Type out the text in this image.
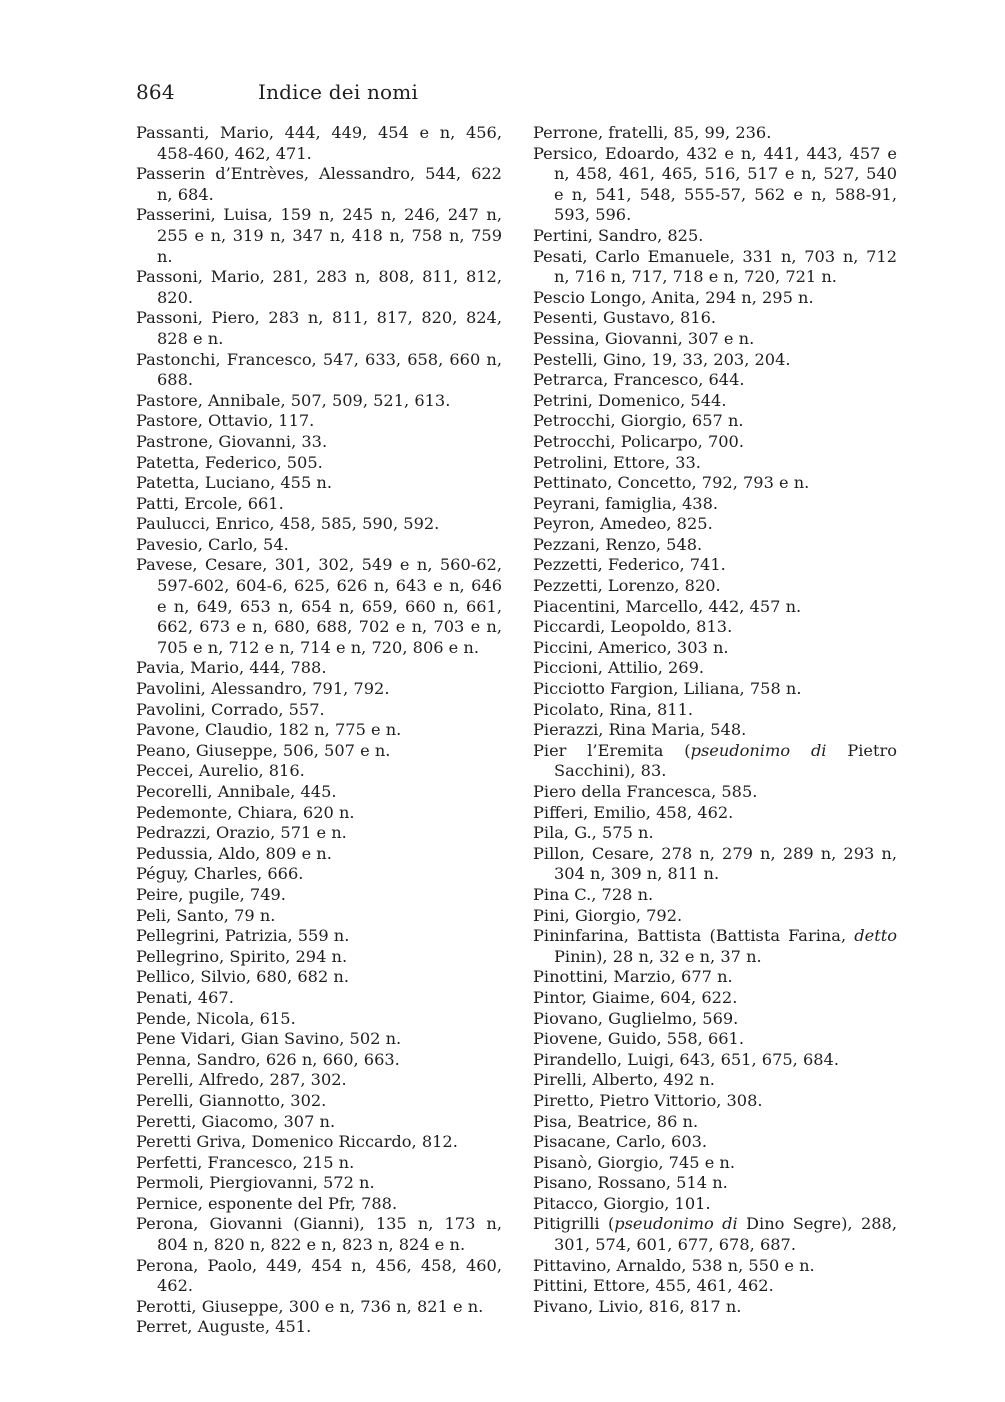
864	Indice dei nomi
Passanti, Mario, 444, 449, 454 e n, 456, 458-460, 462, 471.
Passerin d’Entrèves, Alessandro, 544, 622 n, 684.
Passerini, Luisa, 159 n, 245 n, 246, 247 n, 255 e n, 319 n, 347 n, 418 n, 758 n, 759 n.
Passoni, Mario, 281, 283 n, 808, 811, 812, 820.
Passoni, Piero, 283 n, 811, 817, 820, 824, 828 e n.
Pastonchi, Francesco, 547, 633, 658, 660 n, 688.
Pastore, Annibale, 507, 509, 521, 613.
Pastore, Ottavio, 117.
Pastrone, Giovanni, 33.
Patetta, Federico, 505.
Patetta, Luciano, 455 n.
Patti, Ercole, 661.
Paulucci, Enrico, 458, 585, 590, 592.
Pavesio, Carlo, 54.
Pavese, Cesare, 301, 302, 549 e n, 560-62, 597-602, 604-6, 625, 626 n, 643 e n, 646 e n, 649, 653 n, 654 n, 659, 660 n, 661, 662, 673 e n, 680, 688, 702 e n, 703 e n, 705 e n, 712 e n, 714 e n, 720, 806 e n.
Pavia, Mario, 444, 788.
Pavolini, Alessandro, 791, 792.
Pavolini, Corrado, 557.
Pavone, Claudio, 182 n, 775 e n.
Peano, Giuseppe, 506, 507 e n.
Peccei, Aurelio, 816.
Pecorelli, Annibale, 445.
Pedemonte, Chiara, 620 n.
Pedrazzi, Orazio, 571 e n.
Pedussia, Aldo, 809 e n.
Péguy, Charles, 666.
Peire, pugile, 749.
Peli, Santo, 79 n.
Pellegrini, Patrizia, 559 n.
Pellegrino, Spirito, 294 n.
Pellico, Silvio, 680, 682 n.
Penati, 467.
Pende, Nicola, 615.
Pene Vidari, Gian Savino, 502 n.
Penna, Sandro, 626 n, 660, 663.
Perelli, Alfredo, 287, 302.
Perelli, Giannotto, 302.
Peretti, Giacomo, 307 n.
Peretti Griva, Domenico Riccardo, 812.
Perfetti, Francesco, 215 n.
Permoli, Piergiovanni, 572 n.
Pernice, esponente del Pfr, 788.
Perona, Giovanni (Gianni), 135 n, 173 n, 804 n, 820 n, 822 e n, 823 n, 824 e n.
Perona, Paolo, 449, 454 n, 456, 458, 460, 462.
Perotti, Giuseppe, 300 e n, 736 n, 821 e n.
Perret, Auguste, 451.
Perrone, fratelli, 85, 99, 236.
Persico, Edoardo, 432 e n, 441, 443, 457 e n, 458, 461, 465, 516, 517 e n, 527, 540 e n, 541, 548, 555-57, 562 e n, 588-91, 593, 596.
Pertini, Sandro, 825.
Pesati, Carlo Emanuele, 331 n, 703 n, 712 n, 716 n, 717, 718 e n, 720, 721 n.
Pescio Longo, Anita, 294 n, 295 n.
Pesenti, Gustavo, 816.
Pessina, Giovanni, 307 e n.
Pestelli, Gino, 19, 33, 203, 204.
Petrarca, Francesco, 644.
Petrini, Domenico, 544.
Petrocchi, Giorgio, 657 n.
Petrocchi, Policarpo, 700.
Petrolini, Ettore, 33.
Pettinato, Concetto, 792, 793 e n.
Peyrani, famiglia, 438.
Peyron, Amedeo, 825.
Pezzani, Renzo, 548.
Pezzetti, Federico, 741.
Pezzetti, Lorenzo, 820.
Piacentini, Marcello, 442, 457 n.
Piccardi, Leopoldo, 813.
Piccini, Americo, 303 n.
Piccioni, Attilio, 269.
Picciotto Fargion, Liliana, 758 n.
Picolato, Rina, 811.
Pierazzi, Rina Maria, 548.
Pier l’Eremita (pseudonimo di Pietro Sacchini), 83.
Piero della Francesca, 585.
Pifferi, Emilio, 458, 462.
Pila, G., 575 n.
Pillon, Cesare, 278 n, 279 n, 289 n, 293 n, 304 n, 309 n, 811 n.
Pina C., 728 n.
Pini, Giorgio, 792.
Pininfarina, Battista (Battista Farina, detto Pinin), 28 n, 32 e n, 37 n.
Pinottini, Marzio, 677 n.
Pintor, Giaime, 604, 622.
Piovano, Guglielmo, 569.
Piovene, Guido, 558, 661.
Pirandello, Luigi, 643, 651, 675, 684.
Pirelli, Alberto, 492 n.
Piretto, Pietro Vittorio, 308.
Pisa, Beatrice, 86 n.
Pisacane, Carlo, 603.
Pisanò, Giorgio, 745 e n.
Pisano, Rossano, 514 n.
Pitacco, Giorgio, 101.
Pitigrilli (pseudonimo di Dino Segre), 288, 301, 574, 601, 677, 678, 687.
Pittavino, Arnaldo, 538 n, 550 e n.
Pittini, Ettore, 455, 461, 462.
Pivano, Livio, 816, 817 n.
